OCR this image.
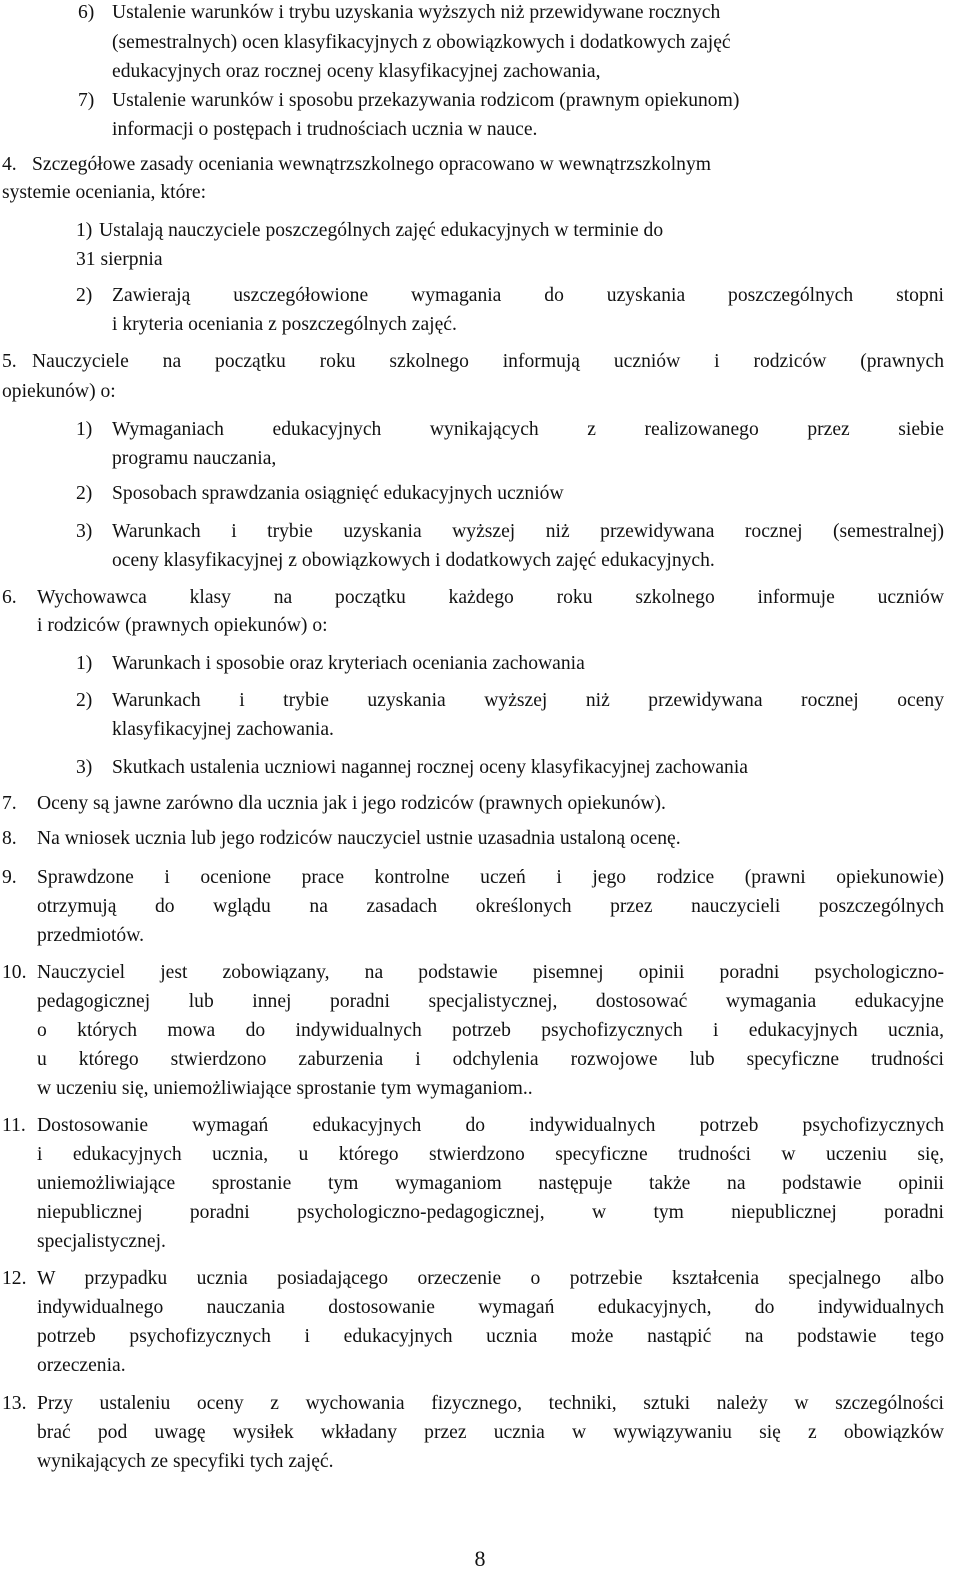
6) Ustalenie warunków i trybu uzyskania wyższych niż przewidywane rocznych
(semestralnych) ocen klasyfikacyjnych z obowiązkowych i dodatkowych zajęć
edukacyjnych oraz rocznej oceny klasyfikacyjnej zachowania,
7) Ustalenie warunków i sposobu przekazywania rodzicom (prawnym opiekunom)
informacji o postępach i trudnościach ucznia w nauce.
4. Szczegółowe zasady oceniania wewnątrzszkolnego opracowano w wewnątrzszkolnym
systemie oceniania, które:
1) Ustalają nauczyciele poszczególnych zajęć edukacyjnych w terminie do
31 sierpnia
2) Zawierają uszczegółowione wymagania do uzyskania poszczególnych stopni
i kryteria oceniania z poszczególnych zajęć.
5. Nauczyciele na początku roku szkolnego informują uczniów i rodziców (prawnych
opiekunów) o:
1) Wymaganiach edukacyjnych wynikających z realizowanego przez siebie
programu nauczania,
2) Sposobach sprawdzania osiągnięć edukacyjnych uczniów
3) Warunkach i trybie uzyskania wyższej niż przewidywana rocznej (semestralnej)
oceny klasyfikacyjnej z obowiązkowych i dodatkowych zajęć edukacyjnych.
6. Wychowawca klasy na początku każdego roku szkolnego informuje uczniów
i rodziców (prawnych opiekunów) o:
1) Warunkach i sposobie oraz kryteriach oceniania zachowania
2) Warunkach i trybie uzyskania wyższej niż przewidywana rocznej oceny
klasyfikacyjnej zachowania.
3) Skutkach ustalenia uczniowi nagannej rocznej oceny klasyfikacyjnej zachowania
7. Oceny są jawne zarówno dla ucznia jak i jego rodziców (prawnych opiekunów).
8. Na wniosek ucznia lub jego rodziców nauczyciel ustnie uzasadnia ustaloną ocenę.
9. Sprawdzone i ocenione prace kontrolne uczeń i jego rodzice (prawni opiekunowie)
otrzymują do wglądu na zasadach określonych przez nauczycieli poszczególnych
przedmiotów.
10. Nauczyciel jest zobowiązany, na podstawie pisemnej opinii poradni psychologiczno-
pedagogicznej lub innej poradni specjalistycznej, dostosować wymagania edukacyjne
o których mowa do indywidualnych potrzeb psychofizycznych i edukacyjnych ucznia,
u którego stwierdzono zaburzenia i odchylenia rozwojowe lub specyficzne trudności
w uczeniu się, uniemożliwiające sprostanie tym wymaganiom..
11. Dostosowanie wymagań edukacyjnych do indywidualnych potrzeb psychofizycznych
i edukacyjnych ucznia, u którego stwierdzono specyficzne trudności w uczeniu się,
uniemożliwiające sprostanie tym wymaganiom następuje także na podstawie opinii
niepublicznej poradni psychologiczno-pedagogicznej, w tym niepublicznej poradni
specjalistycznej.
12. W przypadku ucznia posiadającego orzeczenie o potrzebie kształcenia specjalnego albo
indywidualnego nauczania dostosowanie wymagań edukacyjnych, do indywidualnych
potrzeb psychofizycznych i edukacyjnych ucznia może nastąpić na podstawie tego
orzeczenia.
13. Przy ustaleniu oceny z wychowania fizycznego, techniki, sztuki należy w szczególności
brać pod uwagę wysiłek wkładany przez ucznia w wywiązywaniu się z obowiązków
wynikających ze specyfiki tych zajęć.
8
